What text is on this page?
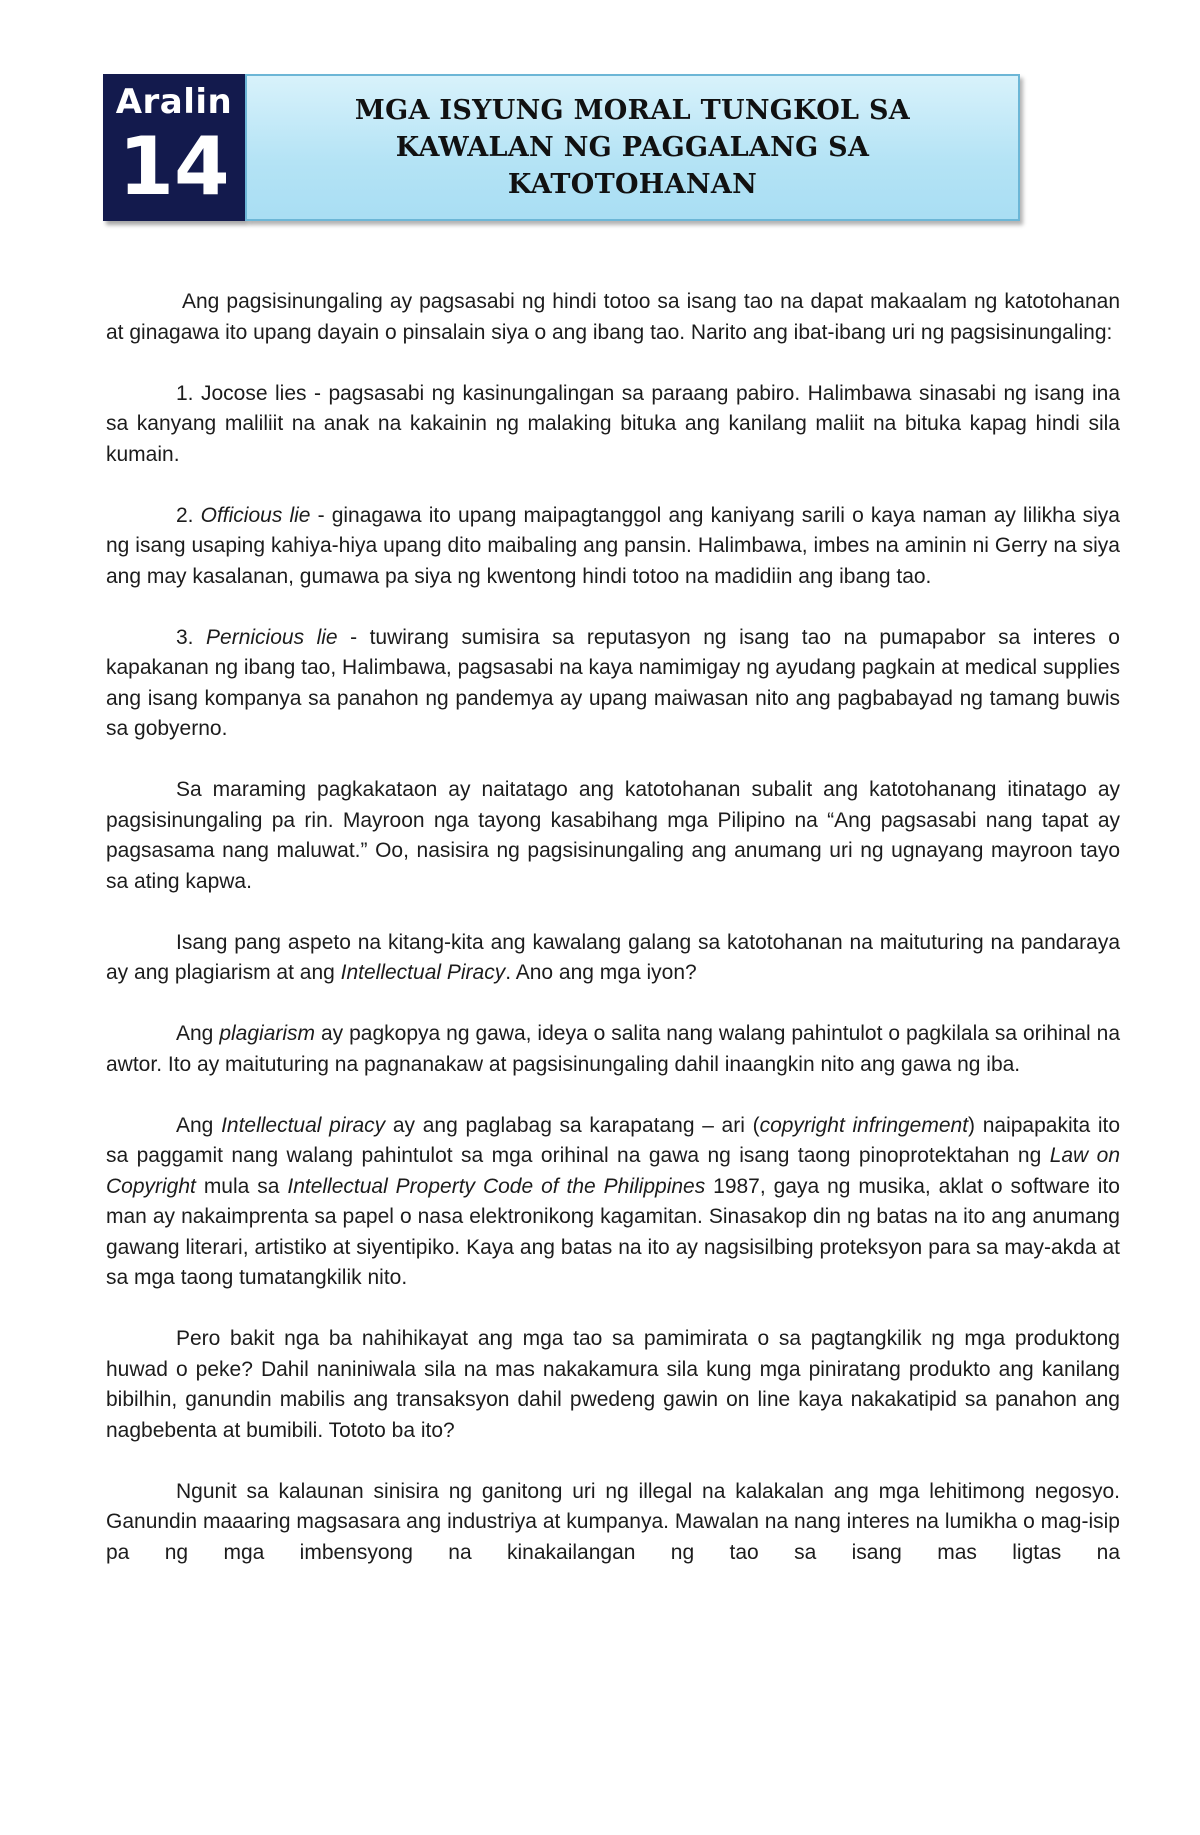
Aralin
14
MGA ISYUNG MORAL TUNGKOL SA
KAWALAN NG PAGGALANG SA
KATOTOHANAN

Ang pagsisinungaling ay pagsasabi ng hindi totoo sa isang tao na dapat makaalam ng katotohanan at ginagawa ito upang dayain o pinsalain siya o ang ibang tao. Narito ang ibat-ibang uri ng pagsisinungaling:

1. Jocose lies - pagsasabi ng kasinungalingan sa paraang pabiro. Halimbawa sinasabi ng isang ina sa kanyang maliliit na anak na kakainin ng malaking bituka ang kanilang maliit na bituka kapag hindi sila kumain.

2. Officious lie - ginagawa ito upang maipagtanggol ang kaniyang sarili o kaya naman ay lilikha siya ng isang usaping kahiya-hiya upang dito maibaling ang pansin. Halimbawa, imbes na aminin ni Gerry na siya ang may kasalanan, gumawa pa siya ng kwentong hindi totoo na madidiin ang ibang tao.

3. Pernicious lie - tuwirang sumisira sa reputasyon ng isang tao na pumapabor sa interes o kapakanan ng ibang tao, Halimbawa, pagsasabi na kaya namimigay ng ayudang pagkain at medical supplies ang isang kompanya sa panahon ng pandemya ay upang maiwasan nito ang pagbabayad ng tamang buwis sa gobyerno.

Sa maraming pagkakataon ay naitatago ang katotohanan subalit ang katotohanang itinatago ay pagsisinungaling pa rin. Mayroon nga tayong kasabihang mga Pilipino na “Ang pagsasabi nang tapat ay pagsasama nang maluwat.” Oo, nasisira ng pagsisinungaling ang anumang uri ng ugnayang mayroon tayo sa ating kapwa.

Isang pang aspeto na kitang-kita ang kawalang galang sa katotohanan na maituturing na pandaraya ay ang plagiarism at ang Intellectual Piracy. Ano ang mga iyon?

Ang plagiarism ay pagkopya ng gawa, ideya o salita nang walang pahintulot o pagkilala sa orihinal na awtor. Ito ay maituturing na pagnanakaw at pagsisinungaling dahil inaangkin nito ang gawa ng iba.

Ang Intellectual piracy ay ang paglabag sa karapatang – ari (copyright infringement) naipapakita ito sa paggamit nang walang pahintulot sa mga orihinal na gawa ng isang taong pinoprotektahan ng Law on Copyright mula sa Intellectual Property Code of the Philippines 1987, gaya ng musika, aklat o software ito man ay nakaimprenta sa papel o nasa elektronikong kagamitan. Sinasakop din ng batas na ito ang anumang gawang literari, artistiko at siyentipiko. Kaya ang batas na ito ay nagsisilbing proteksyon para sa may-akda at sa mga taong tumatangkilik nito.

Pero bakit nga ba nahihikayat ang mga tao sa pamimirata o sa pagtangkilik ng mga produktong huwad o peke? Dahil naniniwala sila na mas nakakamura sila kung mga piniratang produkto ang kanilang bibilhin, ganundin mabilis ang transaksyon dahil pwedeng gawin on line kaya nakakatipid sa panahon ang nagbebenta at bumibili. Tototo ba ito?

Ngunit sa kalaunan sinisira ng ganitong uri ng illegal na kalakalan ang mga lehitimong negosyo. Ganundin maaaring magsasara ang industriya at kumpanya. Mawalan na nang interes na lumikha o mag-isip pa ng mga imbensyong na kinakailangan ng tao sa isang mas ligtas na
